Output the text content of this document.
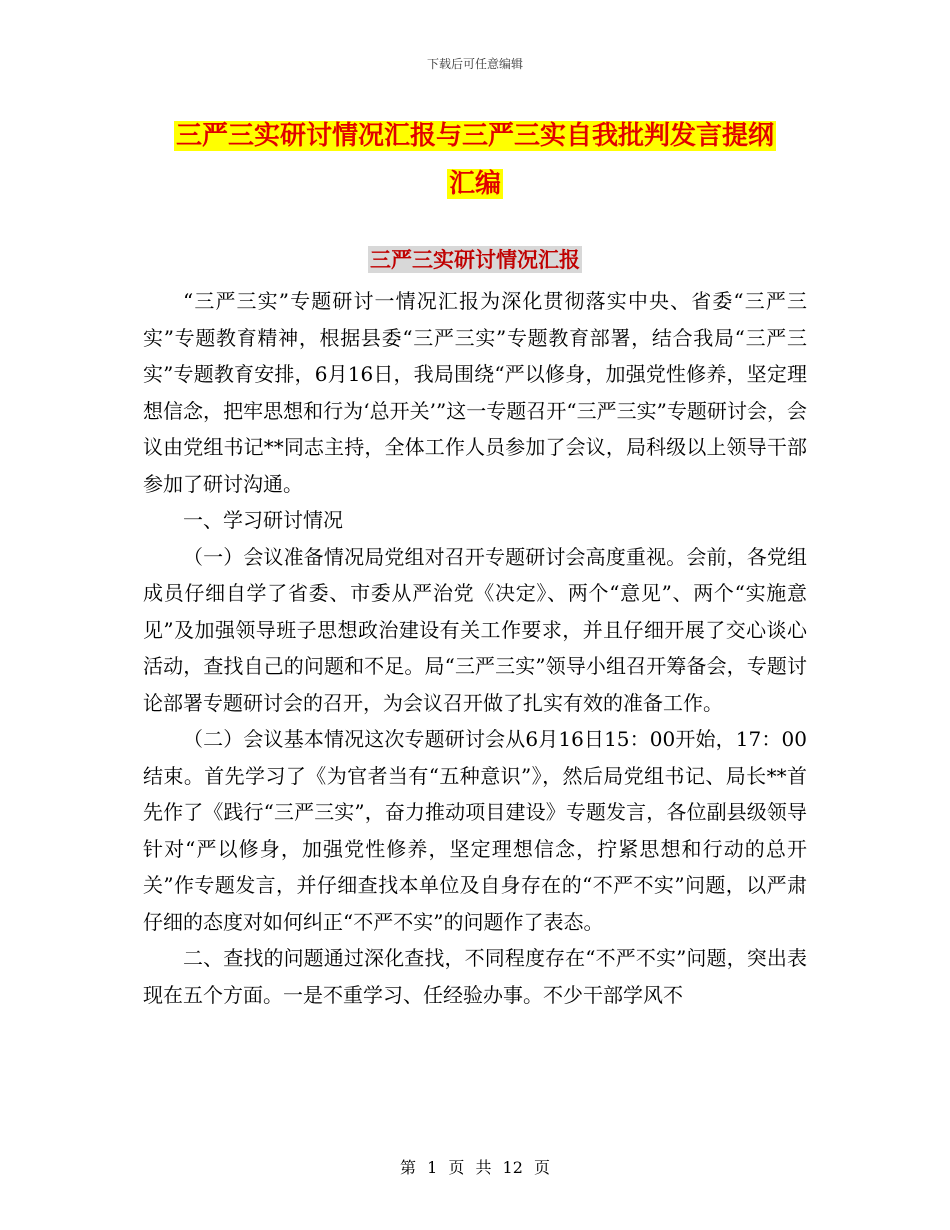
下载后可任意编辑
三严三实研讨情况汇报与三严三实自我批判发言提纲
汇编
三严三实研讨情况汇报

“三严三实”专题研讨一情况汇报为深化贯彻落实中央、省委“三严三实”专题教育精神，根据县委“三严三实”专题教育部署，结合我局“三严三实”专题教育安排，6月16日，我局围绕“严以修身，加强党性修养，坚定理想信念，把牢思想和行为‘总开关’”这一专题召开“三严三实”专题研讨会，会议由党组书记**同志主持，全体工作人员参加了会议，局科级以上领导干部参加了研讨沟通。

一、学习研讨情况

（一）会议准备情况局党组对召开专题研讨会高度重视。会前，各党组成员仔细自学了省委、市委从严治党《决定》、两个“意见”、两个“实施意见”及加强领导班子思想政治建设有关工作要求，并且仔细开展了交心谈心活动，查找自己的问题和不足。局“三严三实”领导小组召开筹备会，专题讨论部署专题研讨会的召开，为会议召开做了扎实有效的准备工作。

（二）会议基本情况这次专题研讨会从6月16日15：00开始，17：00结束。首先学习了《为官者当有“五种意识”》，然后局党组书记、局长**首先作了《践行“三严三实”，奋力推动项目建设》专题发言，各位副县级领导针对“严以修身，加强党性修养，坚定理想信念，拧紧思想和行动的总开关”作专题发言，并仔细查找本单位及自身存在的“不严不实”问题，以严肃仔细的态度对如何纠正“不严不实”的问题作了表态。

二、查找的问题通过深化查找，不同程度存在“不严不实”问题，突出表现在五个方面。一是不重学习、任经验办事。不少干部学风不

第 1 页 共 12 页
